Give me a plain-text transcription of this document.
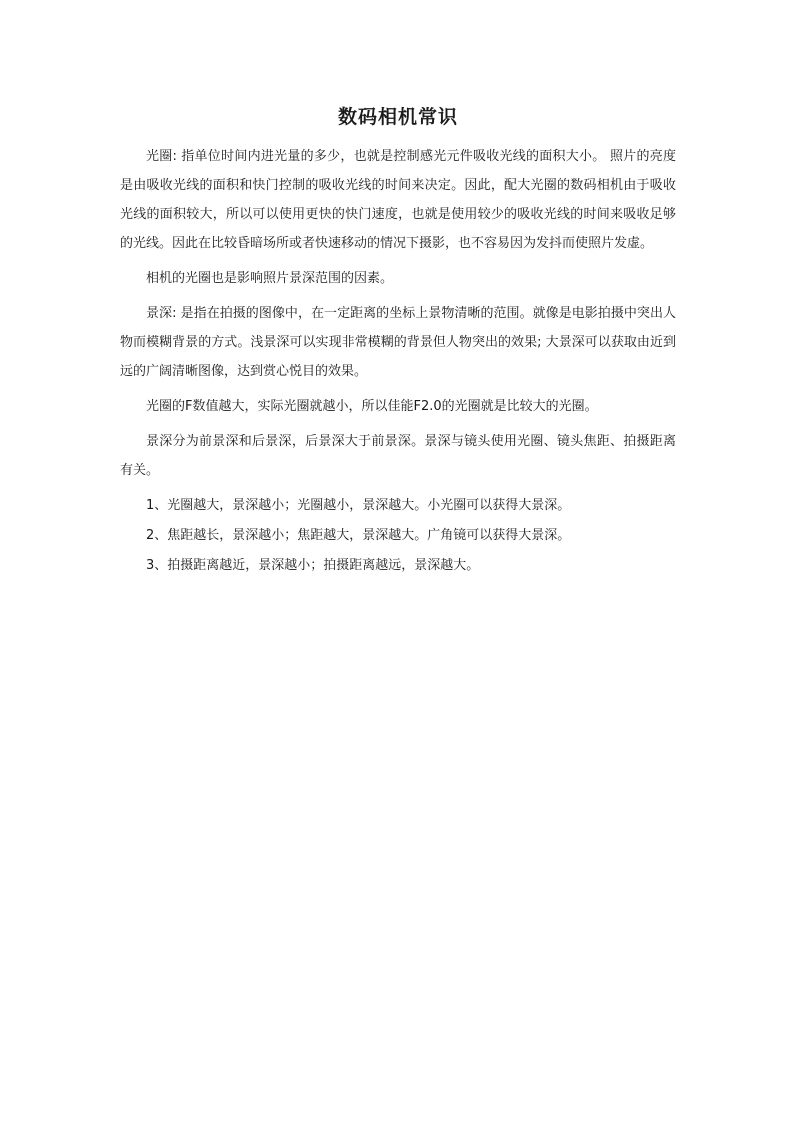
数码相机常识

光圈: 指单位时间内进光量的多少，也就是控制感光元件吸收光线的面积大小。 照片的亮度是由吸收光线的面积和快门控制的吸收光线的时间来决定。因此，配大光圈的数码相机由于吸收光线的面积较大，所以可以使用更快的快门速度，也就是使用较少的吸收光线的时间来吸收足够的光线。因此在比较昏暗场所或者快速移动的情况下摄影，也不容易因为发抖而使照片发虚。

相机的光圈也是影响照片景深范围的因素。

景深: 是指在拍摄的图像中，在一定距离的坐标上景物清晰的范围。就像是电影拍摄中突出人物而模糊背景的方式。浅景深可以实现非常模糊的背景但人物突出的效果; 大景深可以获取由近到远的广阔清晰图像，达到赏心悦目的效果。

光圈的F数值越大，实际光圈就越小，所以佳能F2.0的光圈就是比较大的光圈。

景深分为前景深和后景深，后景深大于前景深。景深与镜头使用光圈、镜头焦距、拍摄距离有关。

1、光圈越大，景深越小；光圈越小，景深越大。小光圈可以获得大景深。

2、焦距越长，景深越小；焦距越大，景深越大。广角镜可以获得大景深。

3、拍摄距离越近，景深越小；拍摄距离越远，景深越大。
